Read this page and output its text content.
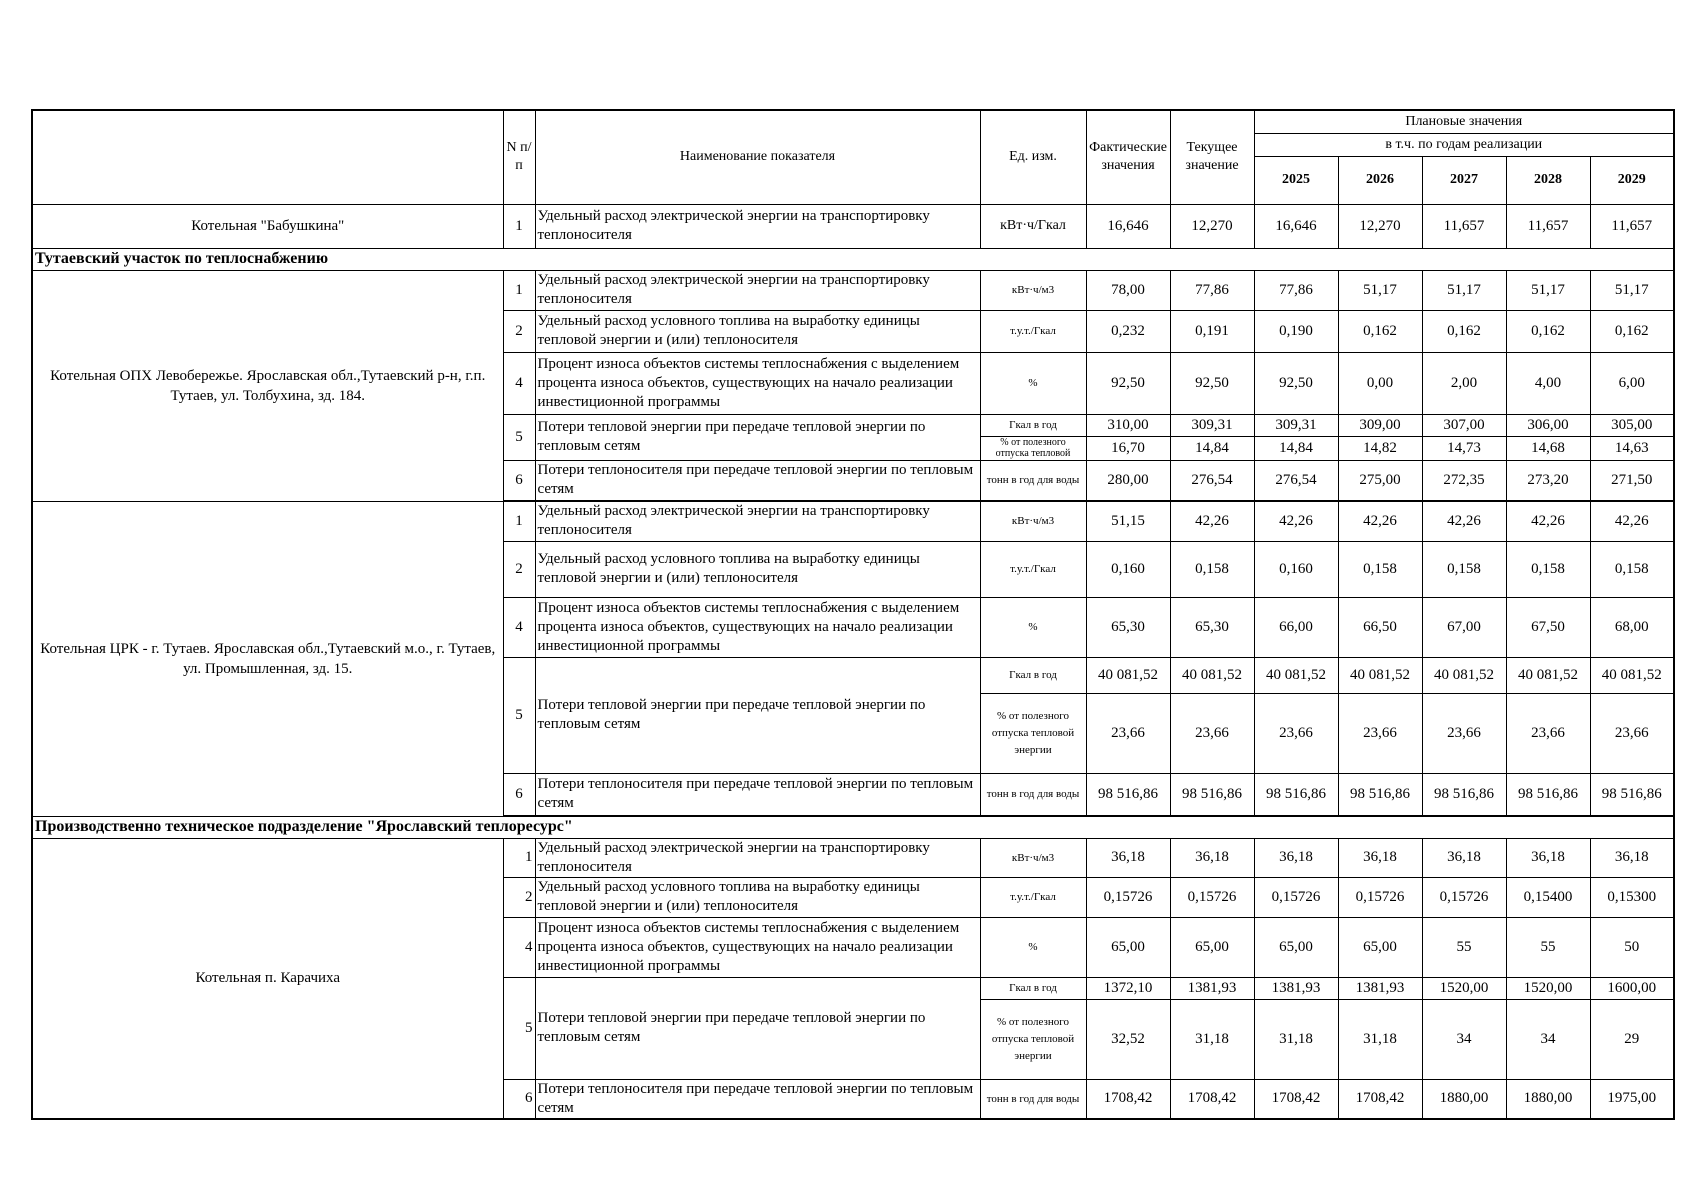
	N п/п	Наименование показателя	Ед. изм.	Фактические значения	Текущее значение	Плановые значения				
						в т.ч. по годам реализации				
						2025	2026	2027	2028	2029
Котельная "Бабушкина"	1	Удельный расход электрической энергии на транспортировку теплоносителя	кВт·ч/Гкал	16,646	12,270	16,646	12,270	11,657	11,657	11,657
Тутаевский участок по теплоснабжению										
Котельная ОПХ Левобережье. Ярославская обл.,Тутаевский р-н, г.п. Тутаев, ул. Толбухина, зд. 184.	1	Удельный расход электрической энергии на транспортировку теплоносителя	кВт·ч/м3	78,00	77,86	77,86	51,17	51,17	51,17	51,17
	2	Удельный расход условного топлива на выработку единицы тепловой энергии и (или) теплоносителя	т.у.т./Гкал	0,232	0,191	0,190	0,162	0,162	0,162	0,162
	4	Процент износа объектов системы теплоснабжения с выделением процента износа объектов, существующих на начало реализации инвестиционной программы	%	92,50	92,50	92,50	0,00	2,00	4,00	6,00
	5	Потери тепловой энергии при передаче тепловой энергии по тепловым сетям	Гкал в год	310,00	309,31	309,31	309,00	307,00	306,00	305,00
			% от полезного отпуска тепловой	16,70	14,84	14,84	14,82	14,73	14,68	14,63
	6	Потери теплоносителя при передаче тепловой энергии по тепловым сетям	тонн в год для воды	280,00	276,54	276,54	275,00	272,35	273,20	271,50

Котельная ЦРК - г. Тутаев. Ярославская обл.,Тутаевский м.о., г. Тутаев, ул. Промышленная, зд. 15.	1	Удельный расход электрической энергии на транспортировку теплоносителя	кВт·ч/м3	51,15	42,26	42,26	42,26	42,26	42,26	42,26
	2	Удельный расход условного топлива на выработку единицы тепловой энергии и (или) теплоносителя	т.у.т./Гкал	0,160	0,158	0,160	0,158	0,158	0,158	0,158
	4	Процент износа объектов системы теплоснабжения с выделением процента износа объектов, существующих на начало реализации инвестиционной программы	%	65,30	65,30	66,00	66,50	67,00	67,50	68,00
	5	Потери тепловой энергии при передаче тепловой энергии по тепловым сетям	Гкал в год	40 081,52	40 081,52	40 081,52	40 081,52	40 081,52	40 081,52	40 081,52
			% от полезного отпуска тепловой энергии	23,66	23,66	23,66	23,66	23,66	23,66	23,66
	6	Потери теплоносителя при передаче тепловой энергии по тепловым сетям	тонн в год для воды	98 516,86	98 516,86	98 516,86	98 516,86	98 516,86	98 516,86	98 516,86

Производственно техническое подразделение "Ярославский теплоресурс"										
Котельная п. Карачиха	1	Удельный расход электрической энергии на транспортировку теплоносителя	кВт·ч/м3	36,18	36,18	36,18	36,18	36,18	36,18	36,18
	2	Удельный расход условного топлива на выработку единицы тепловой энергии и (или) теплоносителя	т.у.т./Гкал	0,15726	0,15726	0,15726	0,15726	0,15726	0,15400	0,15300
	4	Процент износа объектов системы теплоснабжения с выделением процента износа объектов, существующих на начало реализации инвестиционной программы	%	65,00	65,00	65,00	65,00	55	55	50
	5	Потери тепловой энергии при передаче тепловой энергии по тепловым сетям	Гкал в год	1372,10	1381,93	1381,93	1381,93	1520,00	1520,00	1600,00
			% от полезного отпуска тепловой энергии	32,52	31,18	31,18	31,18	34	34	29
	6	Потери теплоносителя при передаче тепловой энергии по тепловым сетям	тонн в год для воды	1708,42	1708,42	1708,42	1708,42	1880,00	1880,00	1975,00
